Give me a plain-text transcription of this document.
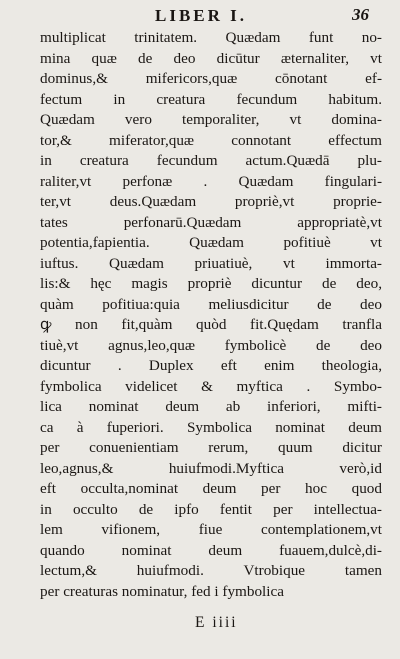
LIBER I.	36
multiplicat trinitatem. Quædam funt no-
mina quæ de deo dicūtur æternaliter, vt
dominus,& mifericors,quæ cōnotant ef-
fectum in creatura fecundum habitum.
Quædam vero temporaliter, vt domina-
tor,& miferator,quæ connotant effectum
in creatura fecundum actum.Quædā plu-
raliter,vt perfonæ . Quædam fingulari-
ter,vt deus.Quædam propriè,vt proprie-
tates perfonarū.Quædam appropriatè,vt
potentia,fapientia. Quædam pofitiuè vt
iuftus. Quædam priuatiuè, vt immorta-
lis:& hęc magis propriè dicuntur de deo,
quàm pofitiua:quia meliusdicitur de deo
ꝙ non fit,quàm quòd fit.Quędam tranfla
tiuè,vt agnus,leo,quæ fymbolicè de deo
dicuntur . Duplex eft enim theologia,
fymbolica videlicet & myftica . Symbo-
lica nominat deum ab inferiori, mifti-
ca à fuperiori. Symbolica nominat deum
per conuenientiam rerum, quum dicitur
leo,agnus,& huiufmodi.Myftica verò,id
eft occulta,nominat deum per hoc quod
in occulto de ipfo fentit per intellectua-
lem vifionem, fiue contemplationem,vt
quando nominat deum fuauem,dulcè,di-
lectum,& huiufmodi. Vtrobique tamen
per creaturas nominatur, fed i fymbolica
E iiii
